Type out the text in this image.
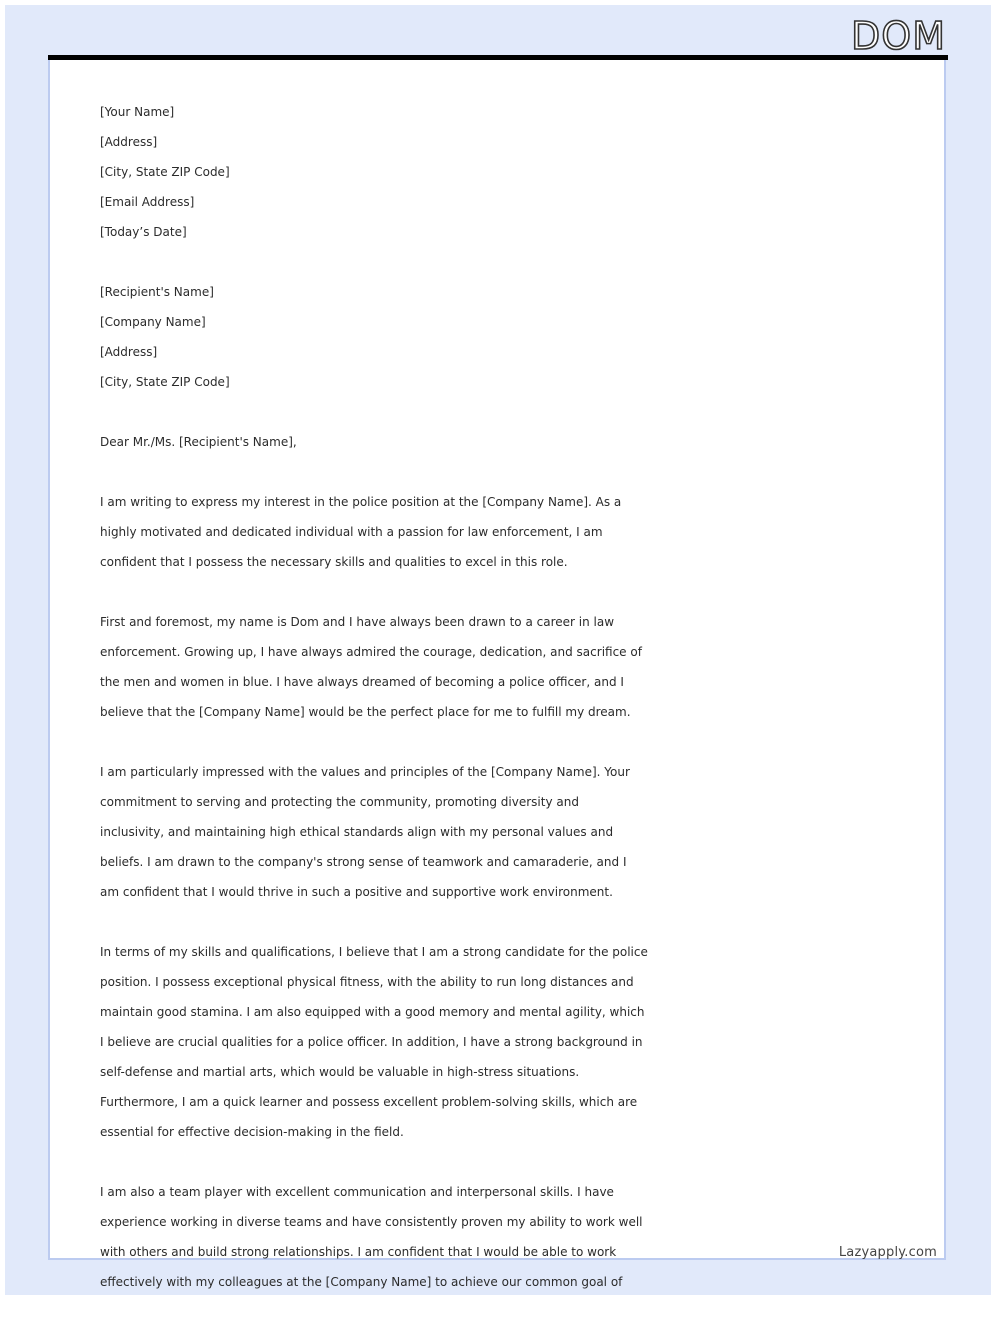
DOM
[Your Name]
[Address]
[City, State ZIP Code]
[Email Address]
[Today’s Date]
[Recipient's Name]
[Company Name]
[Address]
[City, State ZIP Code]
Dear Mr./Ms. [Recipient's Name],
I am writing to express my interest in the police position at the [Company Name]. As a
highly motivated and dedicated individual with a passion for law enforcement, I am
confident that I possess the necessary skills and qualities to excel in this role.
First and foremost, my name is Dom and I have always been drawn to a career in law
enforcement. Growing up, I have always admired the courage, dedication, and sacrifice of
the men and women in blue. I have always dreamed of becoming a police officer, and I
believe that the [Company Name] would be the perfect place for me to fulfill my dream.
I am particularly impressed with the values and principles of the [Company Name]. Your
commitment to serving and protecting the community, promoting diversity and
inclusivity, and maintaining high ethical standards align with my personal values and
beliefs. I am drawn to the company's strong sense of teamwork and camaraderie, and I
am confident that I would thrive in such a positive and supportive work environment.
In terms of my skills and qualifications, I believe that I am a strong candidate for the police
position. I possess exceptional physical fitness, with the ability to run long distances and
maintain good stamina. I am also equipped with a good memory and mental agility, which
I believe are crucial qualities for a police officer. In addition, I have a strong background in
self-defense and martial arts, which would be valuable in high-stress situations.
Furthermore, I am a quick learner and possess excellent problem-solving skills, which are
essential for effective decision-making in the field.
I am also a team player with excellent communication and interpersonal skills. I have
experience working in diverse teams and have consistently proven my ability to work well
with others and build strong relationships. I am confident that I would be able to work
effectively with my colleagues at the [Company Name] to achieve our common goal of
Lazyapply.com
